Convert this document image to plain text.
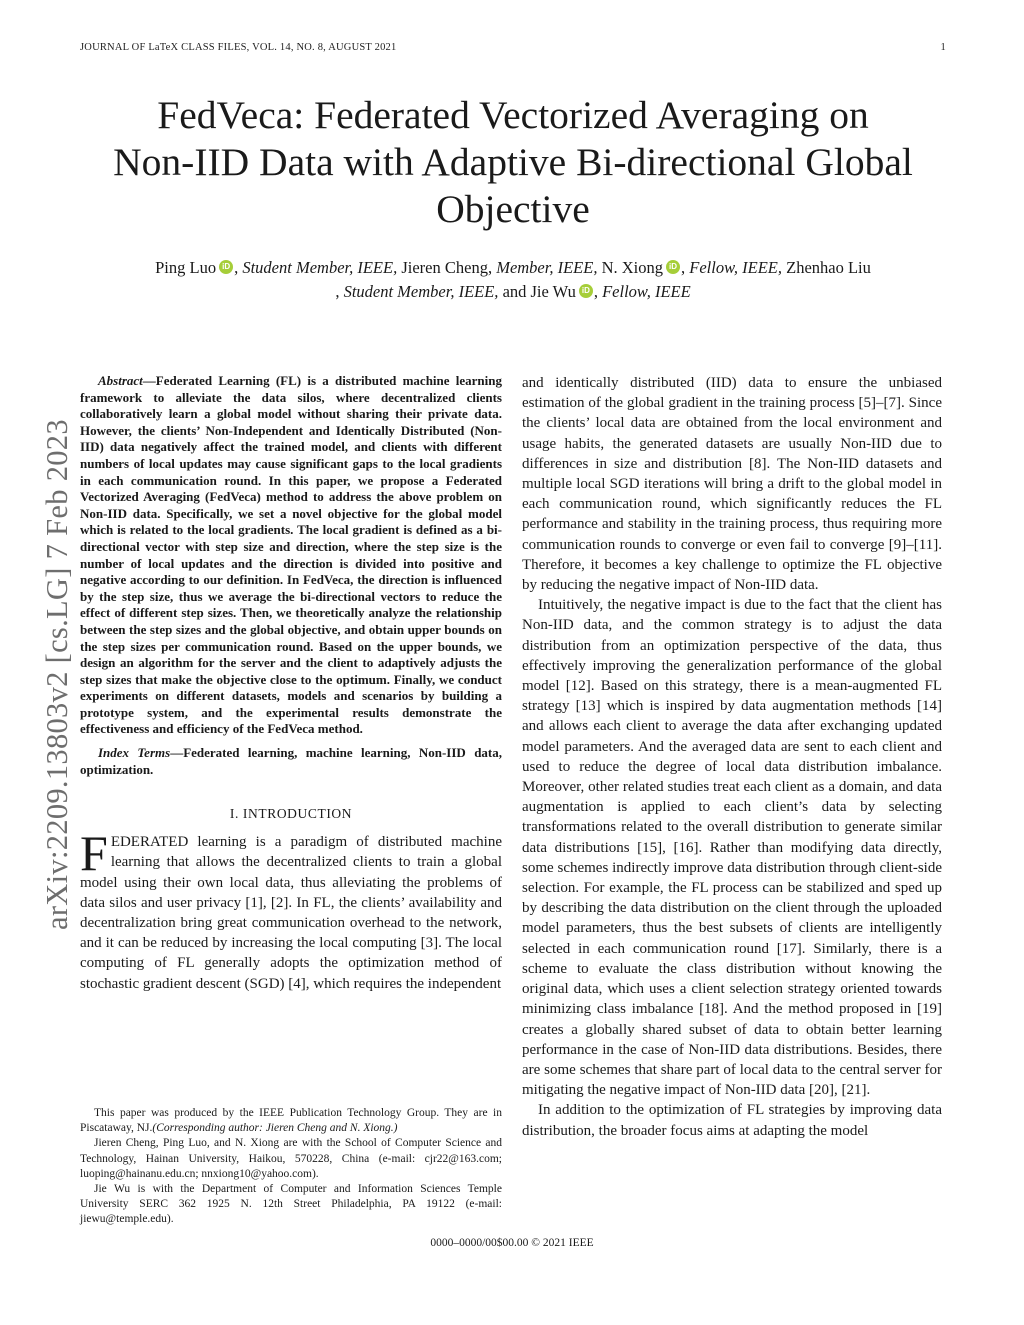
JOURNAL OF LaTeX CLASS FILES, VOL. 14, NO. 8, AUGUST 2021	1
arXiv:2209.13803v2 [cs.LG] 7 Feb 2023
FedVeca: Federated Vectorized Averaging on
Non-IID Data with Adaptive Bi-directional Global
Objective
Ping Luo iD , Student Member, IEEE, Jieren Cheng, Member, IEEE, N. Xiong iD , Fellow, IEEE, Zhenhao Liu
, Student Member, IEEE, and Jie Wu iD , Fellow, IEEE

Abstract—Federated Learning (FL) is a distributed machine learning framework to alleviate the data silos, where decentralized clients collaboratively learn a global model without sharing their private data. However, the clients’ Non-Independent and Identically Distributed (Non-IID) data negatively affect the trained model, and clients with different numbers of local updates may cause significant gaps to the local gradients in each communication round. In this paper, we propose a Federated Vectorized Averaging (FedVeca) method to address the above problem on Non-IID data. Specifically, we set a novel objective for the global model which is related to the local gradients. The local gradient is defined as a bi-directional vector with step size and direction, where the step size is the number of local updates and the direction is divided into positive and negative according to our definition. In FedVeca, the direction is influenced by the step size, thus we average the bi-directional vectors to reduce the effect of different step sizes. Then, we theoretically analyze the relationship between the step sizes and the global objective, and obtain upper bounds on the step sizes per communication round. Based on the upper bounds, we design an algorithm for the server and the client to adaptively adjusts the step sizes that make the objective close to the optimum. Finally, we conduct experiments on different datasets, models and scenarios by building a prototype system, and the experimental results demonstrate the effectiveness and efficiency of the FedVeca method.

Index Terms—Federated learning, machine learning, Non-IID data, optimization.

I. INTRODUCTION

FEDERATED learning is a paradigm of distributed machine learning that allows the decentralized clients to train a global model using their own local data, thus alleviating the problems of data silos and user privacy [1], [2]. In FL, the clients’ availability and decentralization bring great communication overhead to the network, and it can be reduced by increasing the local computing [3]. The local computing of FL generally adopts the optimization method of stochastic gradient descent (SGD) [4], which requires the independent

This paper was produced by the IEEE Publication Technology Group. They are in Piscataway, NJ.(Corresponding author: Jieren Cheng and N. Xiong.)

Jieren Cheng, Ping Luo, and N. Xiong are with the School of Computer Science and Technology, Hainan University, Haikou, 570228, China (e-mail: cjr22@163.com; luoping@hainanu.edu.cn; nnxiong10@yahoo.com).

Jie Wu is with the Department of Computer and Information Sciences Temple University SERC 362 1925 N. 12th Street Philadelphia, PA 19122 (e-mail: jiewu@temple.edu).

and identically distributed (IID) data to ensure the unbiased estimation of the global gradient in the training process [5]–[7]. Since the clients’ local data are obtained from the local environment and usage habits, the generated datasets are usually Non-IID due to differences in size and distribution [8]. The Non-IID datasets and multiple local SGD iterations will bring a drift to the global model in each communication round, which significantly reduces the FL performance and stability in the training process, thus requiring more communication rounds to converge or even fail to converge [9]–[11]. Therefore, it becomes a key challenge to optimize the FL objective by reducing the negative impact of Non-IID data.

Intuitively, the negative impact is due to the fact that the client has Non-IID data, and the common strategy is to adjust the data distribution from an optimization perspective of the data, thus effectively improving the generalization performance of the global model [12]. Based on this strategy, there is a mean-augmented FL strategy [13] which is inspired by data augmentation methods [14] and allows each client to average the data after exchanging updated model parameters. And the averaged data are sent to each client and used to reduce the degree of local data distribution imbalance. Moreover, other related studies treat each client as a domain, and data augmentation is applied to each client’s data by selecting transformations related to the overall distribution to generate similar data distributions [15], [16]. Rather than modifying data directly, some schemes indirectly improve data distribution through client-side selection. For example, the FL process can be stabilized and sped up by describing the data distribution on the client through the uploaded model parameters, thus the best subsets of clients are intelligently selected in each communication round [17]. Similarly, there is a scheme to evaluate the class distribution without knowing the original data, which uses a client selection strategy oriented towards minimizing class imbalance [18]. And the method proposed in [19] creates a globally shared subset of data to obtain better learning performance in the case of Non-IID data distributions. Besides, there are some schemes that share part of local data to the central server for mitigating the negative impact of Non-IID data [20], [21].

In addition to the optimization of FL strategies by improving data distribution, the broader focus aims at adapting the model

0000–0000/00$00.00 © 2021 IEEE
